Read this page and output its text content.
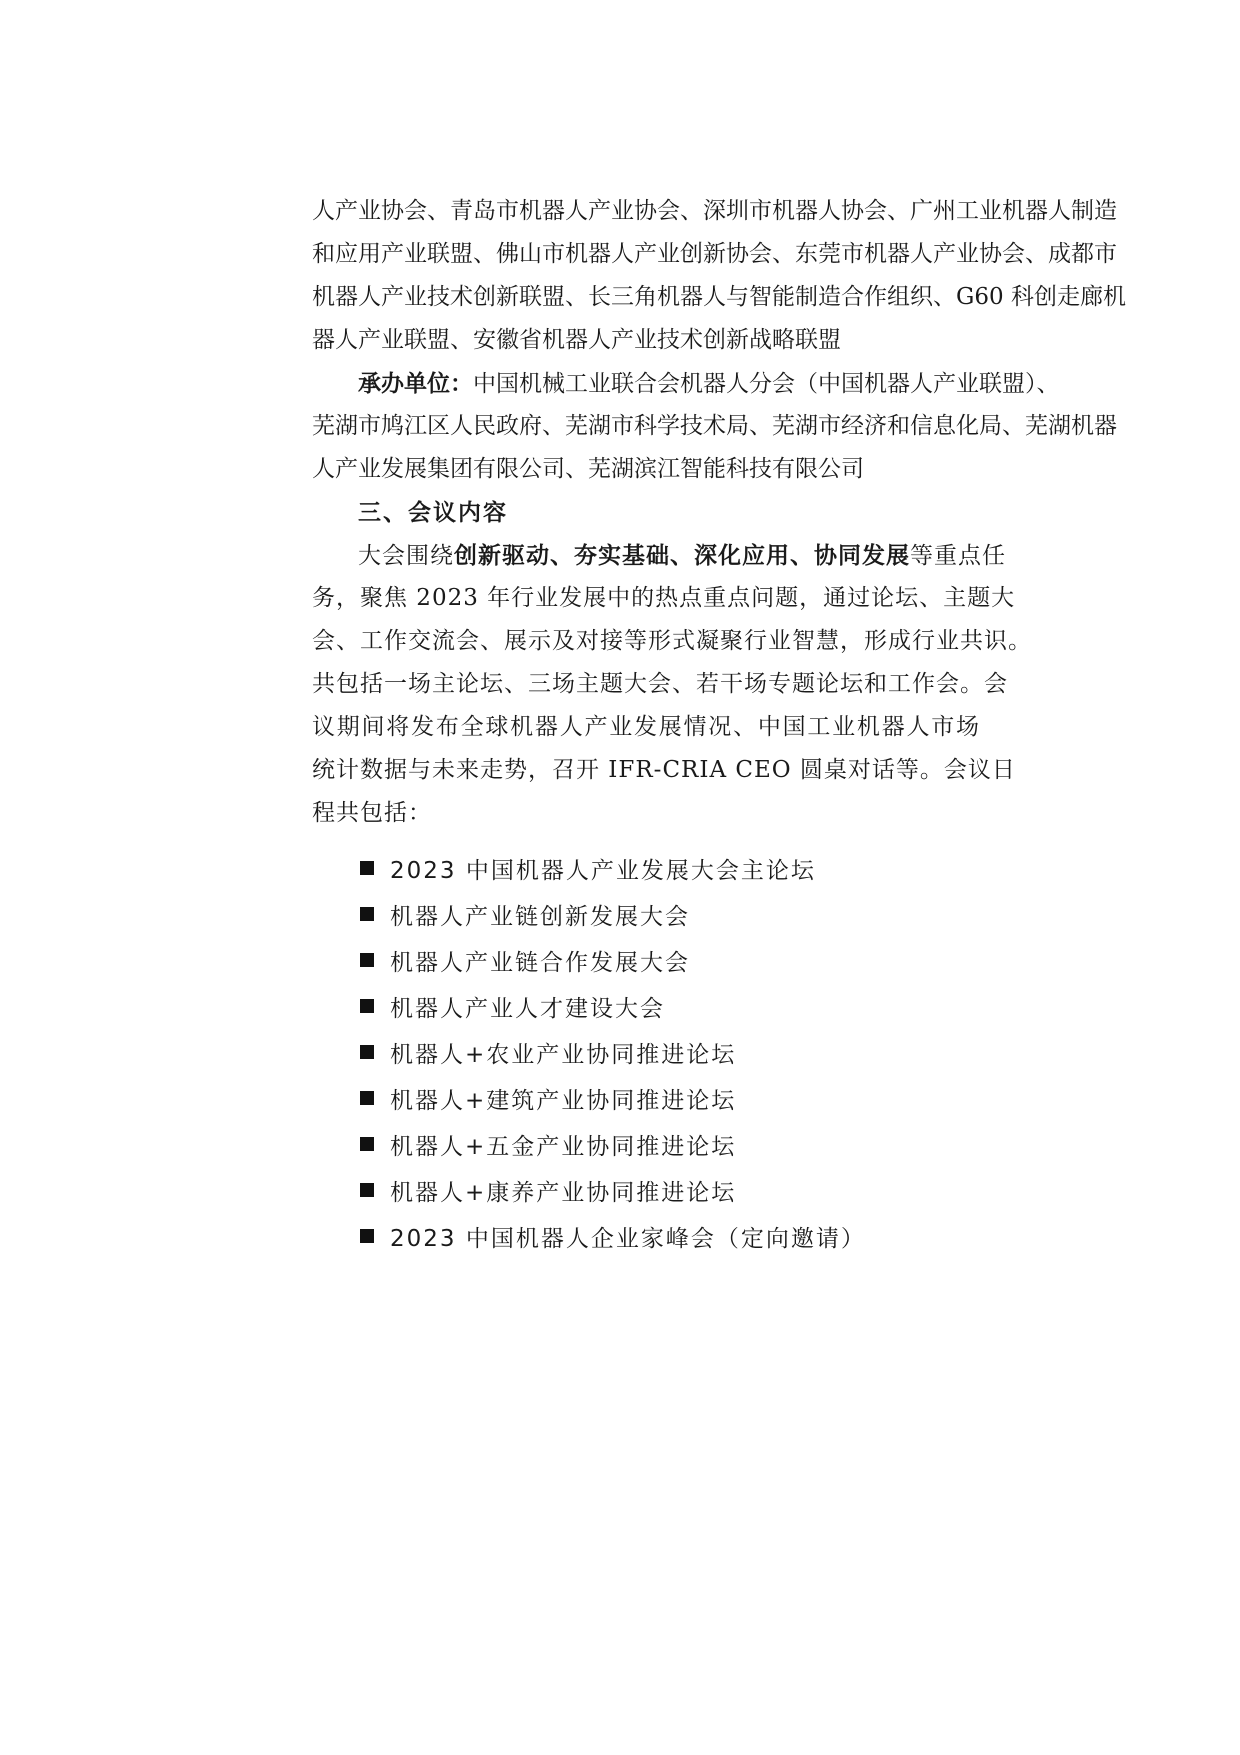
人产业协会、青岛市机器人产业协会、深圳市机器人协会、广州工业机器人制造
和应用产业联盟、佛山市机器人产业创新协会、东莞市机器人产业协会、成都市
机器人产业技术创新联盟、长三角机器人与智能制造合作组织、G60 科创走廊机
器人产业联盟、安徽省机器人产业技术创新战略联盟
承办单位：中国机械工业联合会机器人分会（中国机器人产业联盟）、
芜湖市鸠江区人民政府、芜湖市科学技术局、芜湖市经济和信息化局、芜湖机器
人产业发展集团有限公司、芜湖滨江智能科技有限公司
三、会议内容
大会围绕创新驱动、夯实基础、深化应用、协同发展等重点任
务，聚焦 2023 年行业发展中的热点重点问题，通过论坛、主题大
会、工作交流会、展示及对接等形式凝聚行业智慧，形成行业共识。
共包括一场主论坛、三场主题大会、若干场专题论坛和工作会。会
议期间将发布全球机器人产业发展情况、中国工业机器人市场
统计数据与未来走势，召开 IFR-CRIA CEO 圆桌对话等。会议日
程共包括：
2023 中国机器人产业发展大会主论坛
机器人产业链创新发展大会
机器人产业链合作发展大会
机器人产业人才建设大会
机器人+农业产业协同推进论坛
机器人+建筑产业协同推进论坛
机器人+五金产业协同推进论坛
机器人+康养产业协同推进论坛
2023 中国机器人企业家峰会（定向邀请）
